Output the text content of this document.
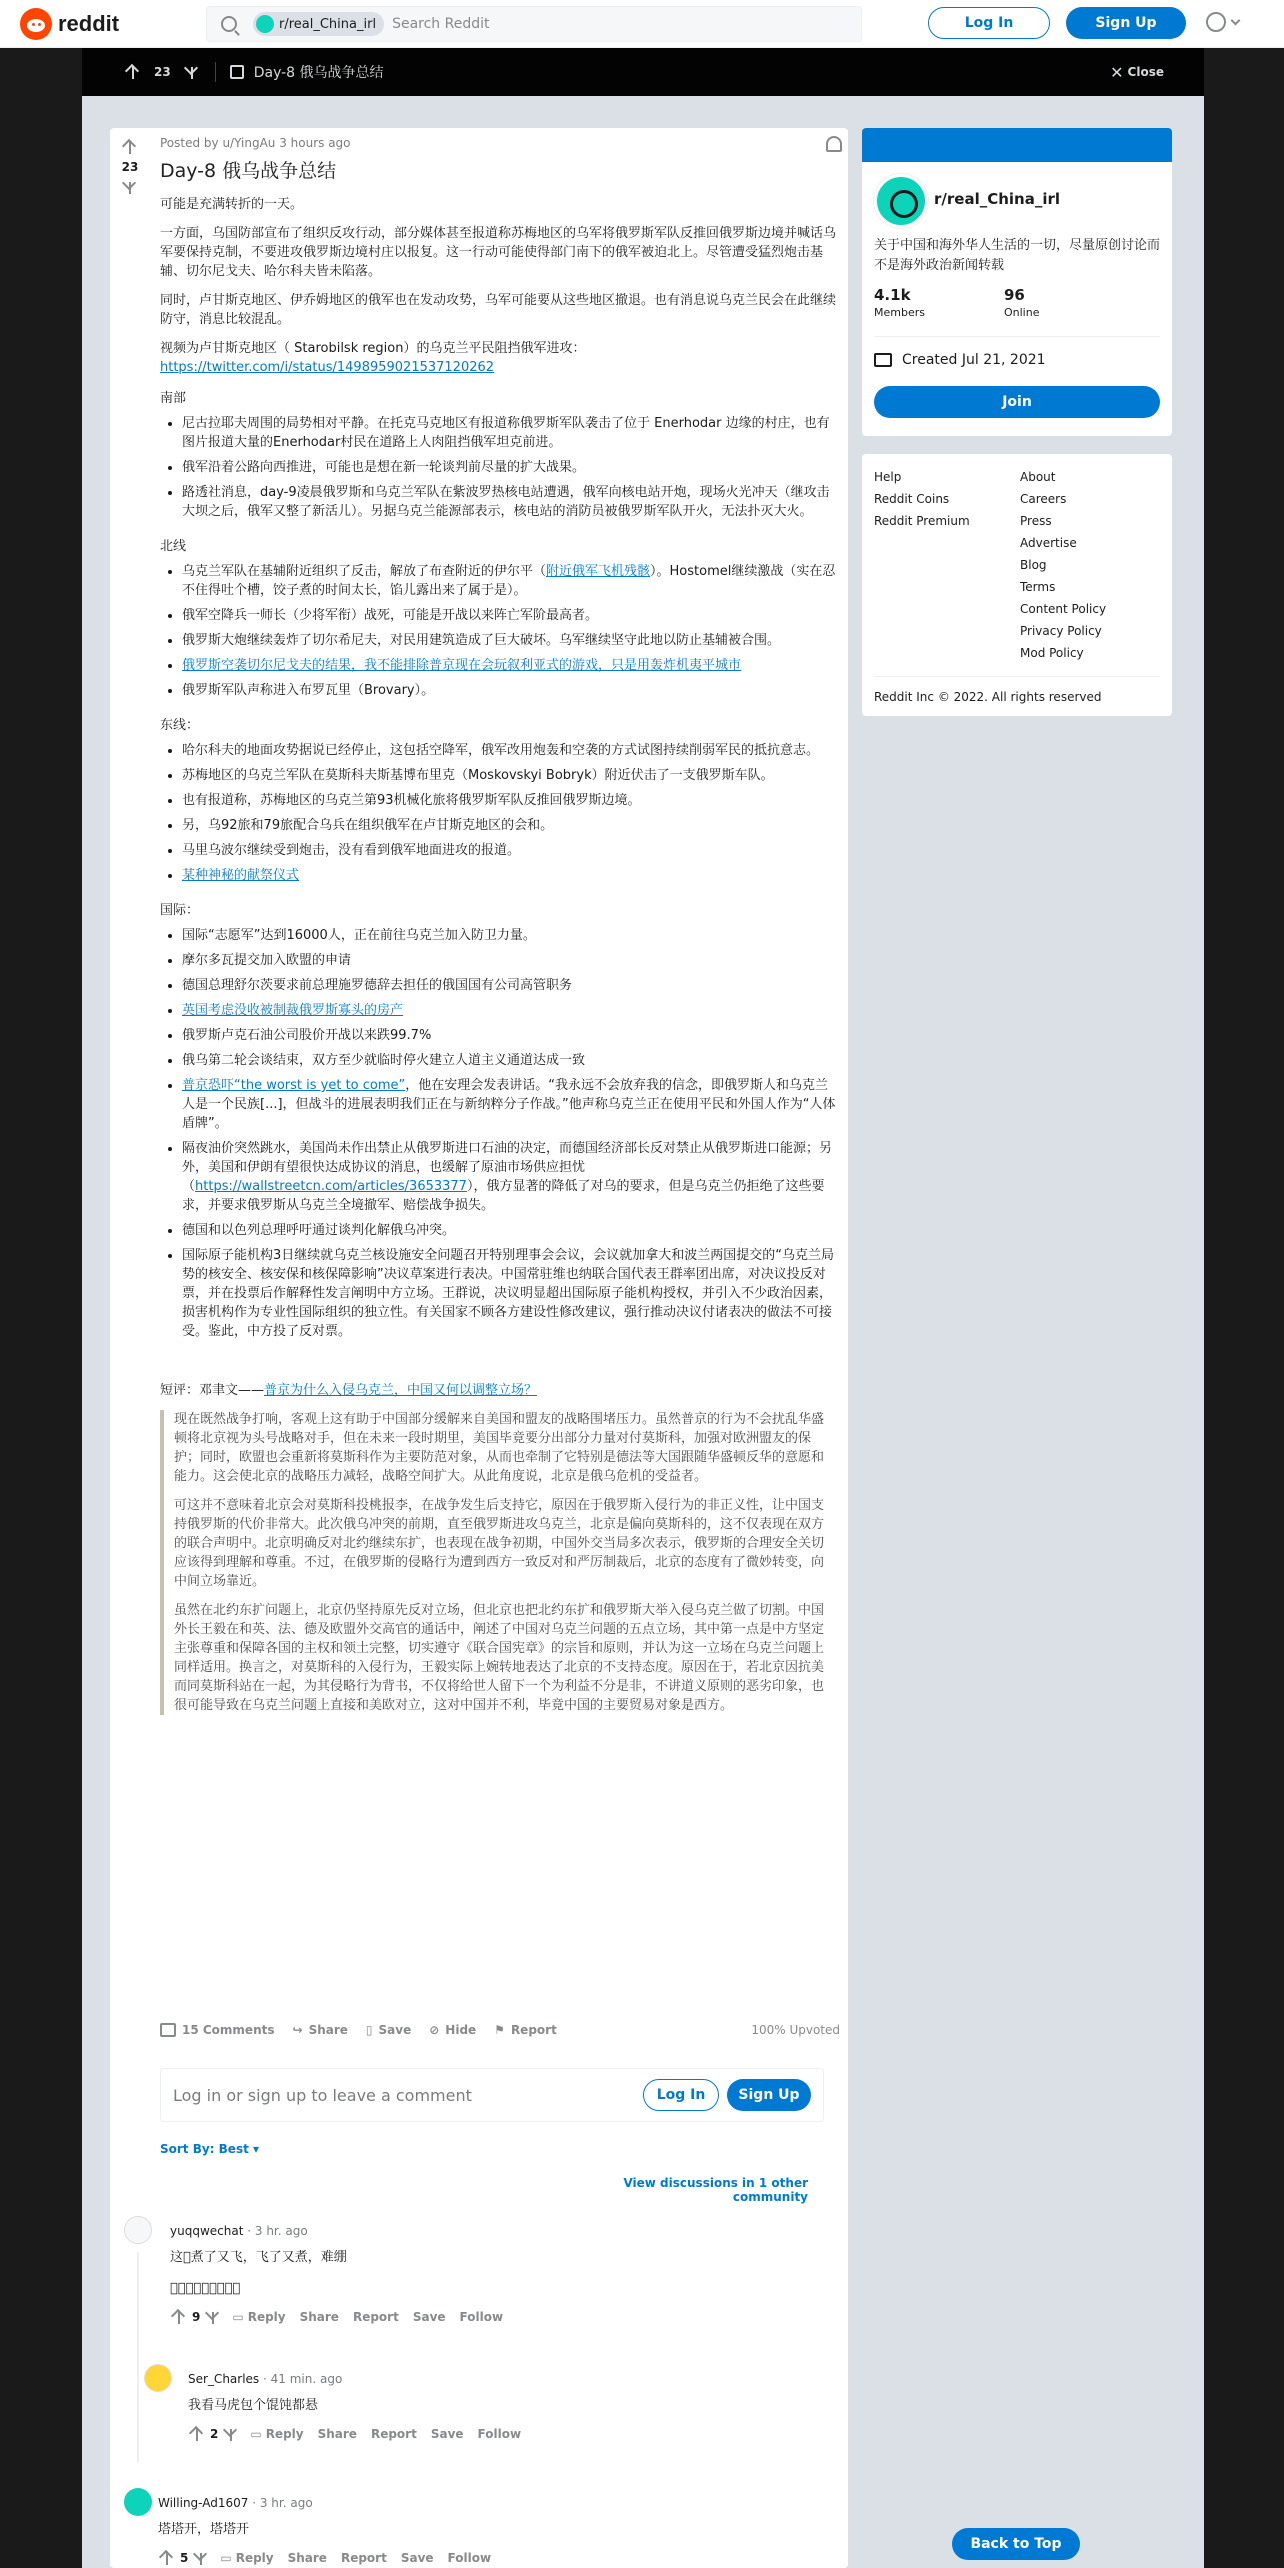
reddit	r/real_China_irl Search Reddit	Log In	Sign Up
23	Day-8 俄乌战争总结	✕ Close
23
Posted by u/YingAu 3 hours ago
Day-8 俄乌战争总结

可能是充满转折的一天。

一方面，乌国防部宣布了组织反攻行动，部分媒体甚至报道称苏梅地区的乌军将俄罗斯军队反推回俄罗斯边境并喊话乌军要保持克制，不要进攻俄罗斯边境村庄以报复。这一行动可能使得部门南下的俄军被迫北上。尽管遭受猛烈炮击基辅、切尔尼戈夫、哈尔科夫皆未陷落。

同时，卢甘斯克地区、伊乔姆地区的俄军也在发动攻势，乌军可能要从这些地区撤退。也有消息说乌克兰民会在此继续防守，消息比较混乱。

视频为卢甘斯克地区（ Starobilsk region）的乌克兰平民阻挡俄军进攻：
https://twitter.com/i/status/1498959021537120262

南部
• 尼古拉耶夫周围的局势相对平静。在托克马克地区有报道称俄罗斯军队袭击了位于 Enerhodar 边缘的村庄，也有图片报道大量的Enerhodar村民在道路上人肉阻挡俄军坦克前进。
• 俄军沿着公路向西推进，可能也是想在新一轮谈判前尽量的扩大战果。
• 路透社消息，day-9凌晨俄罗斯和乌克兰军队在紫波罗热核电站遭遇，俄军向核电站开炮，现场火光冲天（继攻击大坝之后，俄军又整了新活儿）。另据乌克兰能源部表示，核电站的消防员被俄罗斯军队开火，无法扑灭大火。
北线
• 乌克兰军队在基辅附近组织了反击，解放了布查附近的伊尔平（附近俄军飞机残骸）。Hostomel继续激战（实在忍不住得吐个槽，饺子煮的时间太长，馅儿露出来了属于是）。
• 俄军空降兵一师长（少将军衔）战死，可能是开战以来阵亡军阶最高者。
• 俄罗斯大炮继续轰炸了切尔希尼夫，对民用建筑造成了巨大破坏。乌军继续坚守此地以防止基辅被合围。
• 俄罗斯空袭切尔尼戈夫的结果，我不能排除普京现在会玩叙利亚式的游戏，只是用轰炸机夷平城市
• 俄罗斯军队声称进入布罗瓦里（Brovary）。
东线：
• 哈尔科夫的地面攻势据说已经停止，这包括空降军，俄军改用炮轰和空袭的方式试图持续削弱军民的抵抗意志。
• 苏梅地区的乌克兰军队在莫斯科夫斯基博布里克（Moskovskyi Bobryk）附近伏击了一支俄罗斯车队。
• 也有报道称，苏梅地区的乌克兰第93机械化旅将俄罗斯军队反推回俄罗斯边境。
• 另，乌92旅和79旅配合乌兵在组织俄军在卢甘斯克地区的会和。
• 马里乌波尔继续受到炮击，没有看到俄军地面进攻的报道。
• 某种神秘的献祭仪式
国际：
• 国际“志愿军”达到16000人，正在前往乌克兰加入防卫力量。
• 摩尔多瓦提交加入欧盟的申请
• 德国总理舒尔茨要求前总理施罗德辞去担任的俄国国有公司高管职务
• 英国考虑没收被制裁俄罗斯寡头的房产
• 俄罗斯卢克石油公司股价开战以来跌99.7%
• 俄乌第二轮会谈结束，双方至少就临时停火建立人道主义通道达成一致
• 普京恐吓“the worst is yet to come”，他在安理会发表讲话。“我永远不会放弃我的信念，即俄罗斯人和乌克兰人是一个民族[...]，但战斗的进展表明我们正在与新纳粹分子作战。”他声称乌克兰正在使用平民和外国人作为“人体盾牌”。
• 隔夜油价突然跳水，美国尚未作出禁止从俄罗斯进口石油的决定，而德国经济部长反对禁止从俄罗斯进口能源；另外，美国和伊朗有望很快达成协议的消息，也缓解了原油市场供应担忧（https://wallstreetcn.com/articles/3653377），俄方显著的降低了对乌的要求，但是乌克兰仍拒绝了这些要求，并要求俄罗斯从乌克兰全境撤军、赔偿战争损失。
• 德国和以色列总理呼吁通过谈判化解俄乌冲突。
• 国际原子能机构3日继续就乌克兰核设施安全问题召开特别理事会会议，会议就加拿大和波兰两国提交的“乌克兰局势的核安全、核安保和核保障影响”决议草案进行表决。中国常驻维也纳联合国代表王群率团出席，对决议投反对票，并在投票后作解释性发言阐明中方立场。王群说，决议明显超出国际原子能机构授权，并引入不少政治因素，损害机构作为专业性国际组织的独立性。有关国家不顾各方建设性修改建议，强行推动决议付诸表决的做法不可接受。鉴此，中方投了反对票。

短评：邓聿文——普京为什么入侵乌克兰，中国又何以调整立场？

现在既然战争打响，客观上这有助于中国部分缓解来自美国和盟友的战略围堵压力。虽然普京的行为不会扰乱华盛顿将北京视为头号战略对手，但在未来一段时期里，美国毕竟要分出部分力量对付莫斯科，加强对欧洲盟友的保护；同时，欧盟也会重新将莫斯科作为主要防范对象，从而也牵制了它特别是德法等大国跟随华盛顿反华的意愿和能力。这会使北京的战略压力减轻，战略空间扩大。从此角度说，北京是俄乌危机的受益者。

可这并不意味着北京会对莫斯科投桃报李，在战争发生后支持它，原因在于俄罗斯入侵行为的非正义性，让中国支持俄罗斯的代价非常大。此次俄乌冲突的前期，直至俄罗斯进攻乌克兰，北京是偏向莫斯科的，这不仅表现在双方的联合声明中。北京明确反对北约继续东扩，也表现在战争初期，中国外交当局多次表示，俄罗斯的合理安全关切应该得到理解和尊重。不过，在俄罗斯的侵略行为遭到西方一致反对和严厉制裁后，北京的态度有了微妙转变，向中间立场靠近。

虽然在北约东扩问题上，北京仍坚持原先反对立场，但北京也把北约东扩和俄罗斯大举入侵乌克兰做了切割。中国外长王毅在和英、法、德及欧盟外交高官的通话中，阐述了中国对乌克兰问题的五点立场，其中第一点是中方坚定主张尊重和保障各国的主权和领土完整，切实遵守《联合国宪章》的宗旨和原则，并认为这一立场在乌克兰问题上同样适用。换言之，对莫斯科的入侵行为，王毅实际上婉转地表达了北京的不支持态度。原因在于，若北京因抗美而同莫斯科站在一起，为其侵略行为背书，不仅将给世人留下一个为利益不分是非，不讲道义原则的恶劣印象，也很可能导致在乌克兰问题上直接和美欧对立，这对中国并不利，毕竟中国的主要贸易对象是西方。

15 Comments ↪ Share ▯ Save ⊘ Hide ⚑ Report	100% Upvoted
Log in or sign up to leave a comment	Log In	Sign Up
Sort By: Best ▾
View discussions in 1 other community
yuqqwechat · 3 hr. ago
这𫪡煮了又飞，飞了又煮，难绷
𫪡哥：我的饺子呢𫪡
9	▭ Reply Share Report Save Follow
Ser_Charles · 41 min. ago
我看马虎包个馄饨都悬
2	▭ Reply Share Report Save Follow
Willing-Ad1607 · 3 hr. ago
塔塔开，塔塔开
5	▭ Reply Share Report Save Follow
r/real_China_irl
关于中国和海外华人生活的一切，尽量原创讨论而不是海外政治新闻转载
4.1k
Members
96
Online
Created Jul 21, 2021
Join
Help
Reddit Coins
Reddit Premium
About
Careers
Press
Advertise
Blog
Terms
Content Policy
Privacy Policy
Mod Policy
Reddit Inc © 2022. All rights reserved
Back to Top
